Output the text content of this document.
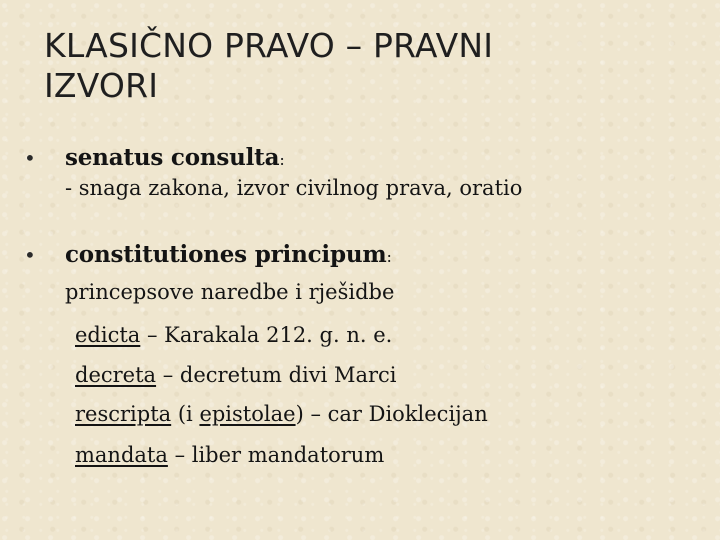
KLASIČNO PRAVO – PRAVNI
IZVORI
• senatus consulta:
- snaga zakona, izvor civilnog prava, oratio
• constitutiones principum:
princepsove naredbe i rješidbe
edicta – Karakala 212. g. n. e.
decreta – decretum divi Marci
rescripta (i epistolae) – car Dioklecijan
mandata – liber mandatorum
